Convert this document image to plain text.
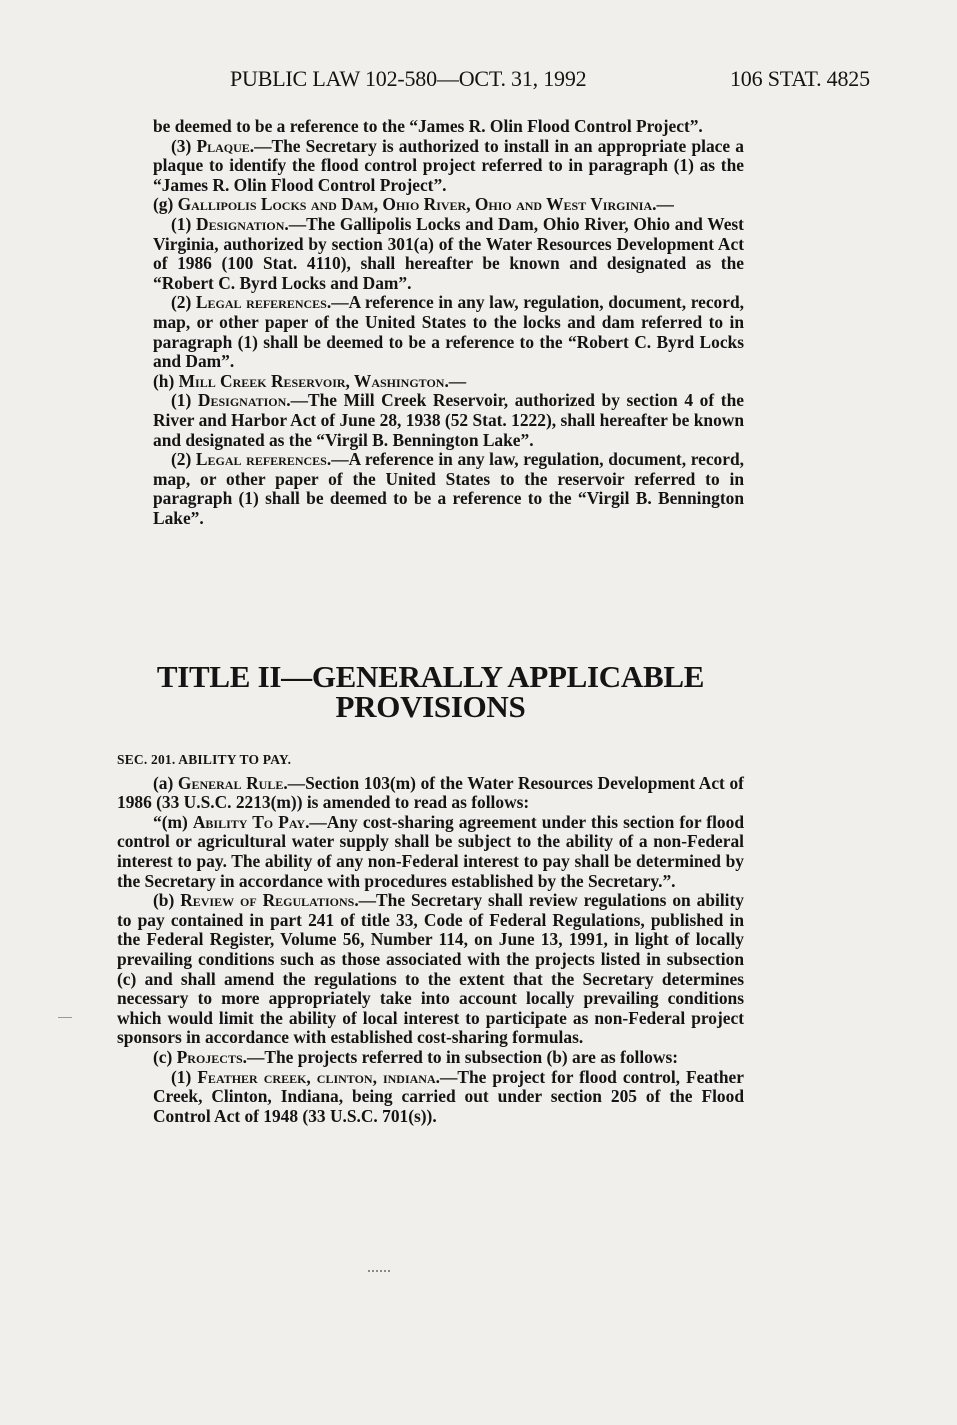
PUBLIC LAW 102-580—OCT. 31, 1992	106 STAT. 4825

be deemed to be a reference to the “James R. Olin Flood Control Project”.

(3) Plaque.—The Secretary is authorized to install in an appropriate place a plaque to identify the flood control project referred to in paragraph (1) as the “James R. Olin Flood Control Project”.

(g) Gallipolis Locks and Dam, Ohio River, Ohio and West Virginia.—

(1) Designation.—The Gallipolis Locks and Dam, Ohio River, Ohio and West Virginia, authorized by section 301(a) of the Water Resources Development Act of 1986 (100 Stat. 4110), shall hereafter be known and designated as the “Robert C. Byrd Locks and Dam”.

(2) Legal references.—A reference in any law, regulation, document, record, map, or other paper of the United States to the locks and dam referred to in paragraph (1) shall be deemed to be a reference to the “Robert C. Byrd Locks and Dam”.

(h) Mill Creek Reservoir, Washington.—

(1) Designation.—The Mill Creek Reservoir, authorized by section 4 of the River and Harbor Act of June 28, 1938 (52 Stat. 1222), shall hereafter be known and designated as the “Virgil B. Bennington Lake”.

(2) Legal references.—A reference in any law, regulation, document, record, map, or other paper of the United States to the reservoir referred to in paragraph (1) shall be deemed to be a reference to the “Virgil B. Bennington Lake”.

TITLE II—GENERALLY APPLICABLE
PROVISIONS
SEC. 201. ABILITY TO PAY.

(a) General Rule.—Section 103(m) of the Water Resources Development Act of 1986 (33 U.S.C. 2213(m)) is amended to read as follows:

“(m) Ability To Pay.—Any cost-sharing agreement under this section for flood control or agricultural water supply shall be subject to the ability of a non-Federal interest to pay. The ability of any non-Federal interest to pay shall be determined by the Secretary in accordance with procedures established by the Secretary.”.

(b) Review of Regulations.—The Secretary shall review regulations on ability to pay contained in part 241 of title 33, Code of Federal Regulations, published in the Federal Register, Volume 56, Number 114, on June 13, 1991, in light of locally prevailing conditions such as those associated with the projects listed in subsection (c) and shall amend the regulations to the extent that the Secretary determines necessary to more appropriately take into account locally prevailing conditions which would limit the ability of local interest to participate as non-Federal project sponsors in accordance with established cost-sharing formulas.

(c) Projects.—The projects referred to in subsection (b) are as follows:

(1) Feather creek, clinton, indiana.—The project for flood control, Feather Creek, Clinton, Indiana, being carried out under section 205 of the Flood Control Act of 1948 (33 U.S.C. 701(s)).
